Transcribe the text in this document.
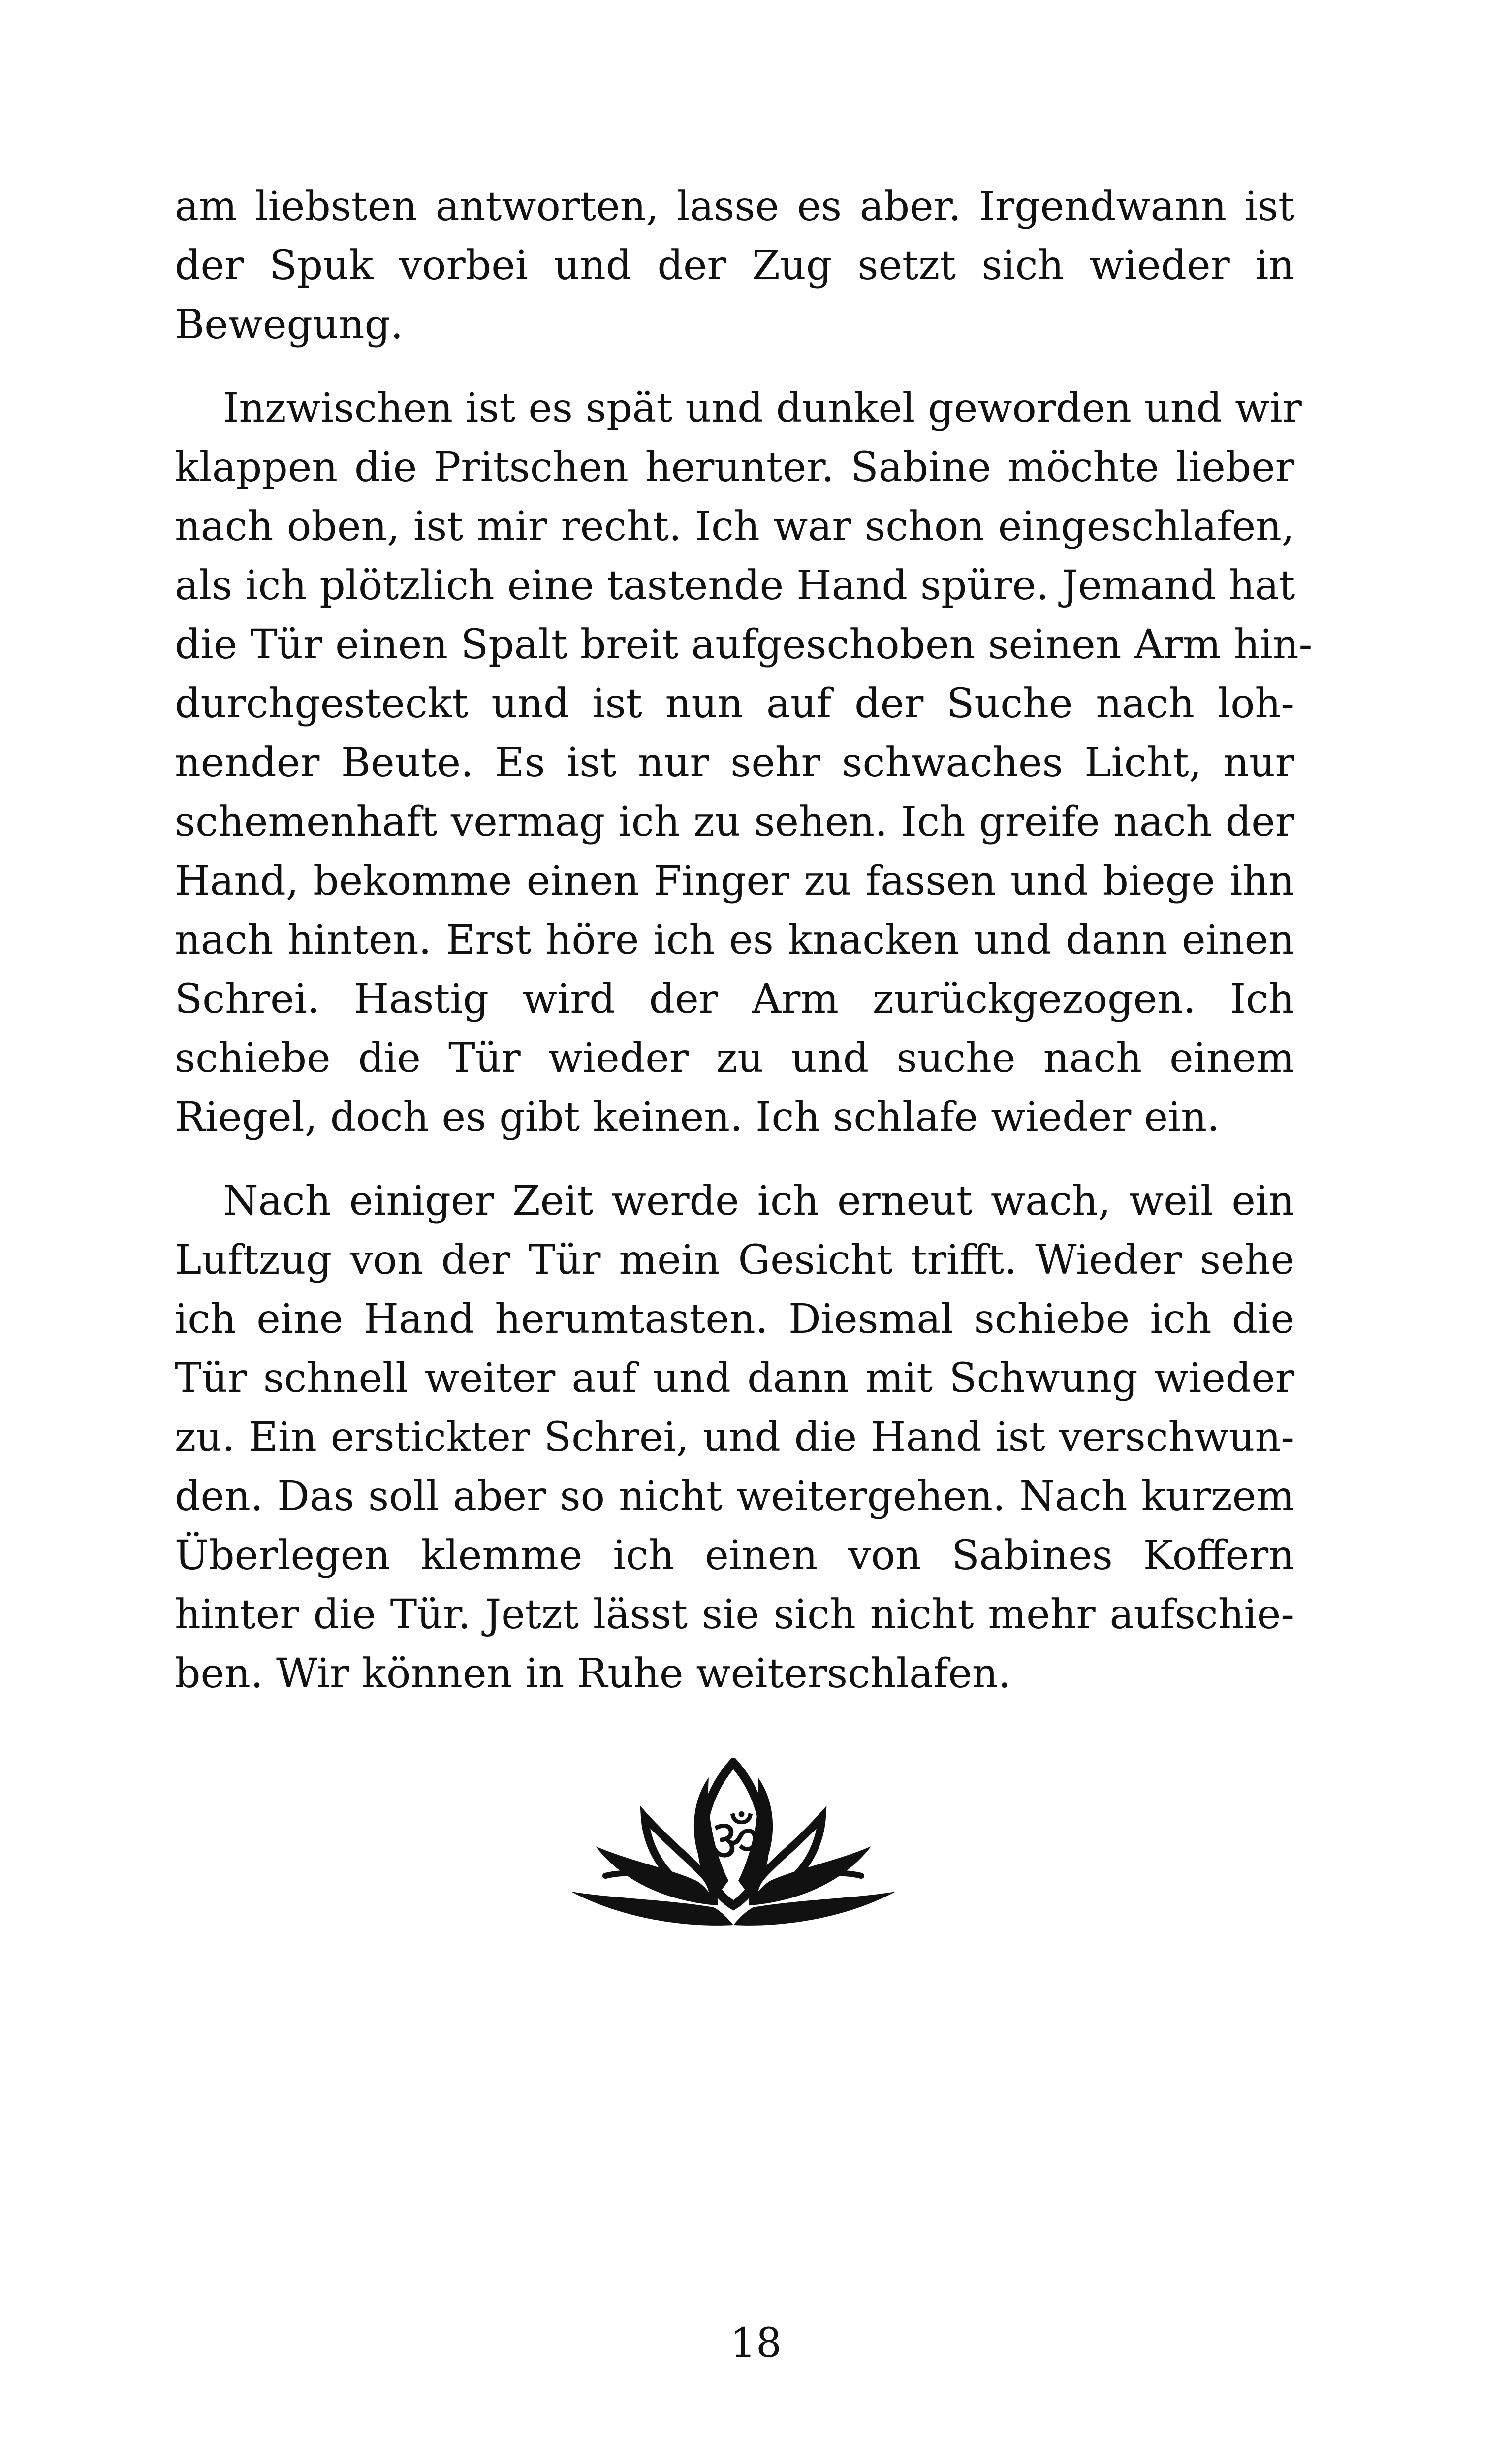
am liebsten antworten, lasse es aber. Irgendwann ist
der Spuk vorbei und der Zug setzt sich wieder in
Bewegung.

Inzwischen ist es spät und dunkel geworden und wir
klappen die Pritschen herunter. Sabine möchte lieber
nach oben, ist mir recht. Ich war schon eingeschlafen,
als ich plötzlich eine tastende Hand spüre. Jemand hat
die Tür einen Spalt breit aufgeschoben seinen Arm hin-
durchgesteckt und ist nun auf der Suche nach loh-
nender Beute. Es ist nur sehr schwaches Licht, nur
schemenhaft vermag ich zu sehen. Ich greife nach der
Hand, bekomme einen Finger zu fassen und biege ihn
nach hinten. Erst höre ich es knacken und dann einen
Schrei. Hastig wird der Arm zurückgezogen. Ich
schiebe die Tür wieder zu und suche nach einem
Riegel, doch es gibt keinen. Ich schlafe wieder ein.

Nach einiger Zeit werde ich erneut wach, weil ein
Luftzug von der Tür mein Gesicht trifft. Wieder sehe
ich eine Hand herumtasten. Diesmal schiebe ich die
Tür schnell weiter auf und dann mit Schwung wieder
zu. Ein erstickter Schrei, und die Hand ist verschwun-
den. Das soll aber so nicht weitergehen. Nach kurzem
Überlegen klemme ich einen von Sabines Koffern
hinter die Tür. Jetzt lässt sie sich nicht mehr aufschie-
ben. Wir können in Ruhe weiterschlafen.

ॐ
18
